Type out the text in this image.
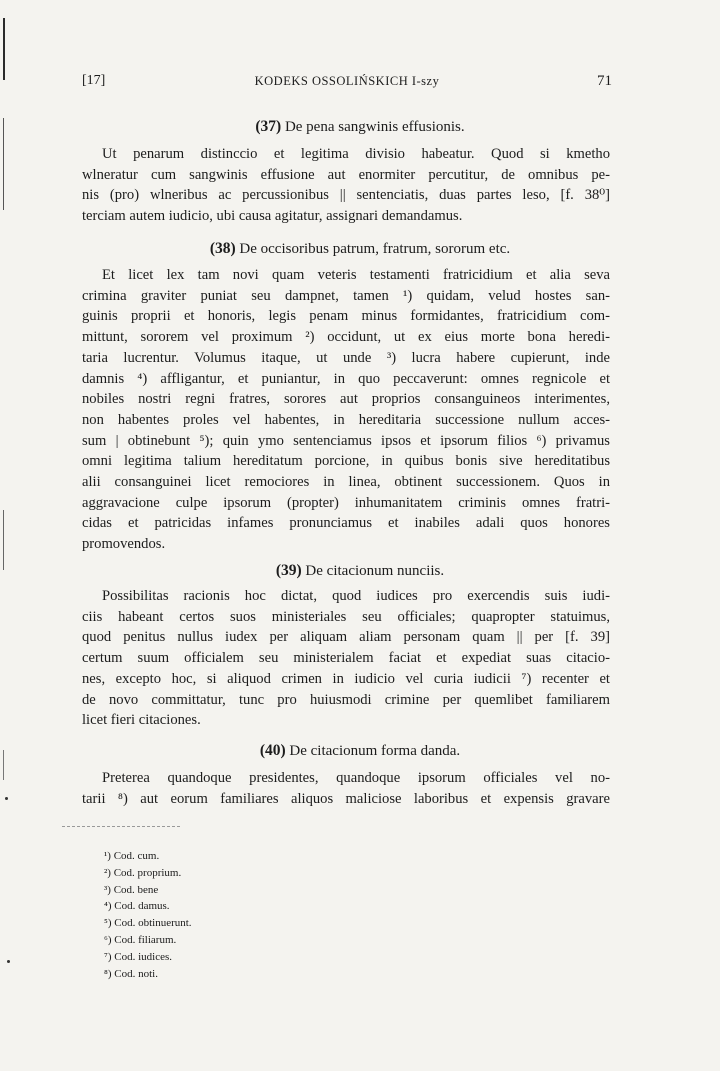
[17]	KODEKS OSSOLIŃSKICH I-szy	71
(37) De pena sangwinis effusionis.
Ut penarum distinccio et legitima divisio habeatur. Quod si kmetho
wlneratur cum sangwinis effusione aut enormiter percutitur, de omnibus pe-
nis (pro) wlneribus ac percussionibus || sentenciatis, duas partes leso, [f. 38⁰]
terciam autem iudicio, ubi causa agitatur, assignari demandamus.
(38) De occisoribus patrum, fratrum, sororum etc.
Et licet lex tam novi quam veteris testamenti fratricidium et alia seva
crimina graviter puniat seu dampnet, tamen ¹) quidam, velud hostes san-
guinis proprii et honoris, legis penam minus formidantes, fratricidium com-
mittunt, sororem vel proximum ²) occidunt, ut ex eius morte bona heredi-
taria lucrentur. Volumus itaque, ut unde ³) lucra habere cupierunt, inde
damnis ⁴) affligantur, et puniantur, in quo peccaverunt: omnes regnicole et
nobiles nostri regni fratres, sorores aut proprios consanguineos interimentes,
non habentes proles vel habentes, in hereditaria successione nullum acces-
sum | obtinebunt ⁵); quin ymo sentenciamus ipsos et ipsorum filios ⁶) privamus
omni legitima talium hereditatum porcione, in quibus bonis sive hereditatibus
alii consanguinei licet remociores in linea, obtinent successionem. Quos in
aggravacione culpe ipsorum (propter) inhumanitatem criminis omnes fratri-
cidas et patricidas infames pronunciamus et inabiles adali quos honores
promovendos.
(39) De citacionum nunciis.
Possibilitas racionis hoc dictat, quod iudices pro exercendis suis iudi-
ciis habeant certos suos ministeriales seu officiales; quapropter statuimus,
quod penitus nullus iudex per aliquam aliam personam quam || per [f. 39]
certum suum officialem seu ministerialem faciat et expediat suas citacio-
nes, excepto hoc, si aliquod crimen in iudicio vel curia iudicii ⁷) recenter et
de novo committatur, tunc pro huiusmodi crimine per quemlibet familiarem
licet fieri citaciones.
(40) De citacionum forma danda.
Preterea quandoque presidentes, quandoque ipsorum officiales vel no-
tarii ⁸) aut eorum familiares aliquos maliciose laboribus et expensis gravare
¹) Cod. cum.
²) Cod. proprium.
³) Cod. bene
⁴) Cod. damus.
⁵) Cod. obtinuerunt.
⁶) Cod. filiarum.
⁷) Cod. iudices.
⁸) Cod. noti.
